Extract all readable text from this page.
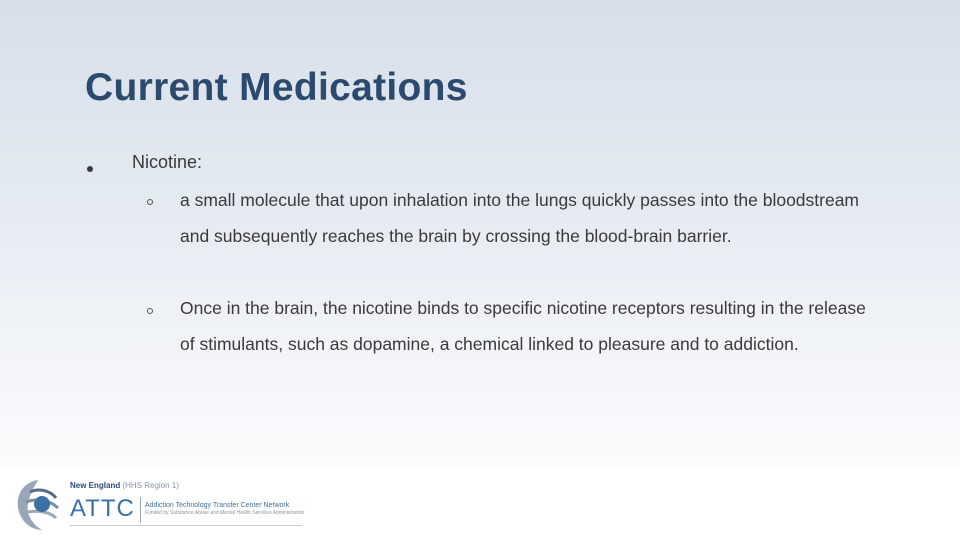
Current Medications
Nicotine:
a small molecule that upon inhalation into the lungs quickly passes into the bloodstream and subsequently reaches the brain by crossing the blood-brain barrier.
Once in the brain, the nicotine binds to specific nicotine receptors resulting in the release of stimulants, such as dopamine, a chemical linked to pleasure and to addiction.
New England (HHS Region 1)
ATTC Addiction Technology Transfer Center Network
Funded by Substance Abuse and Mental Health Services Administration
